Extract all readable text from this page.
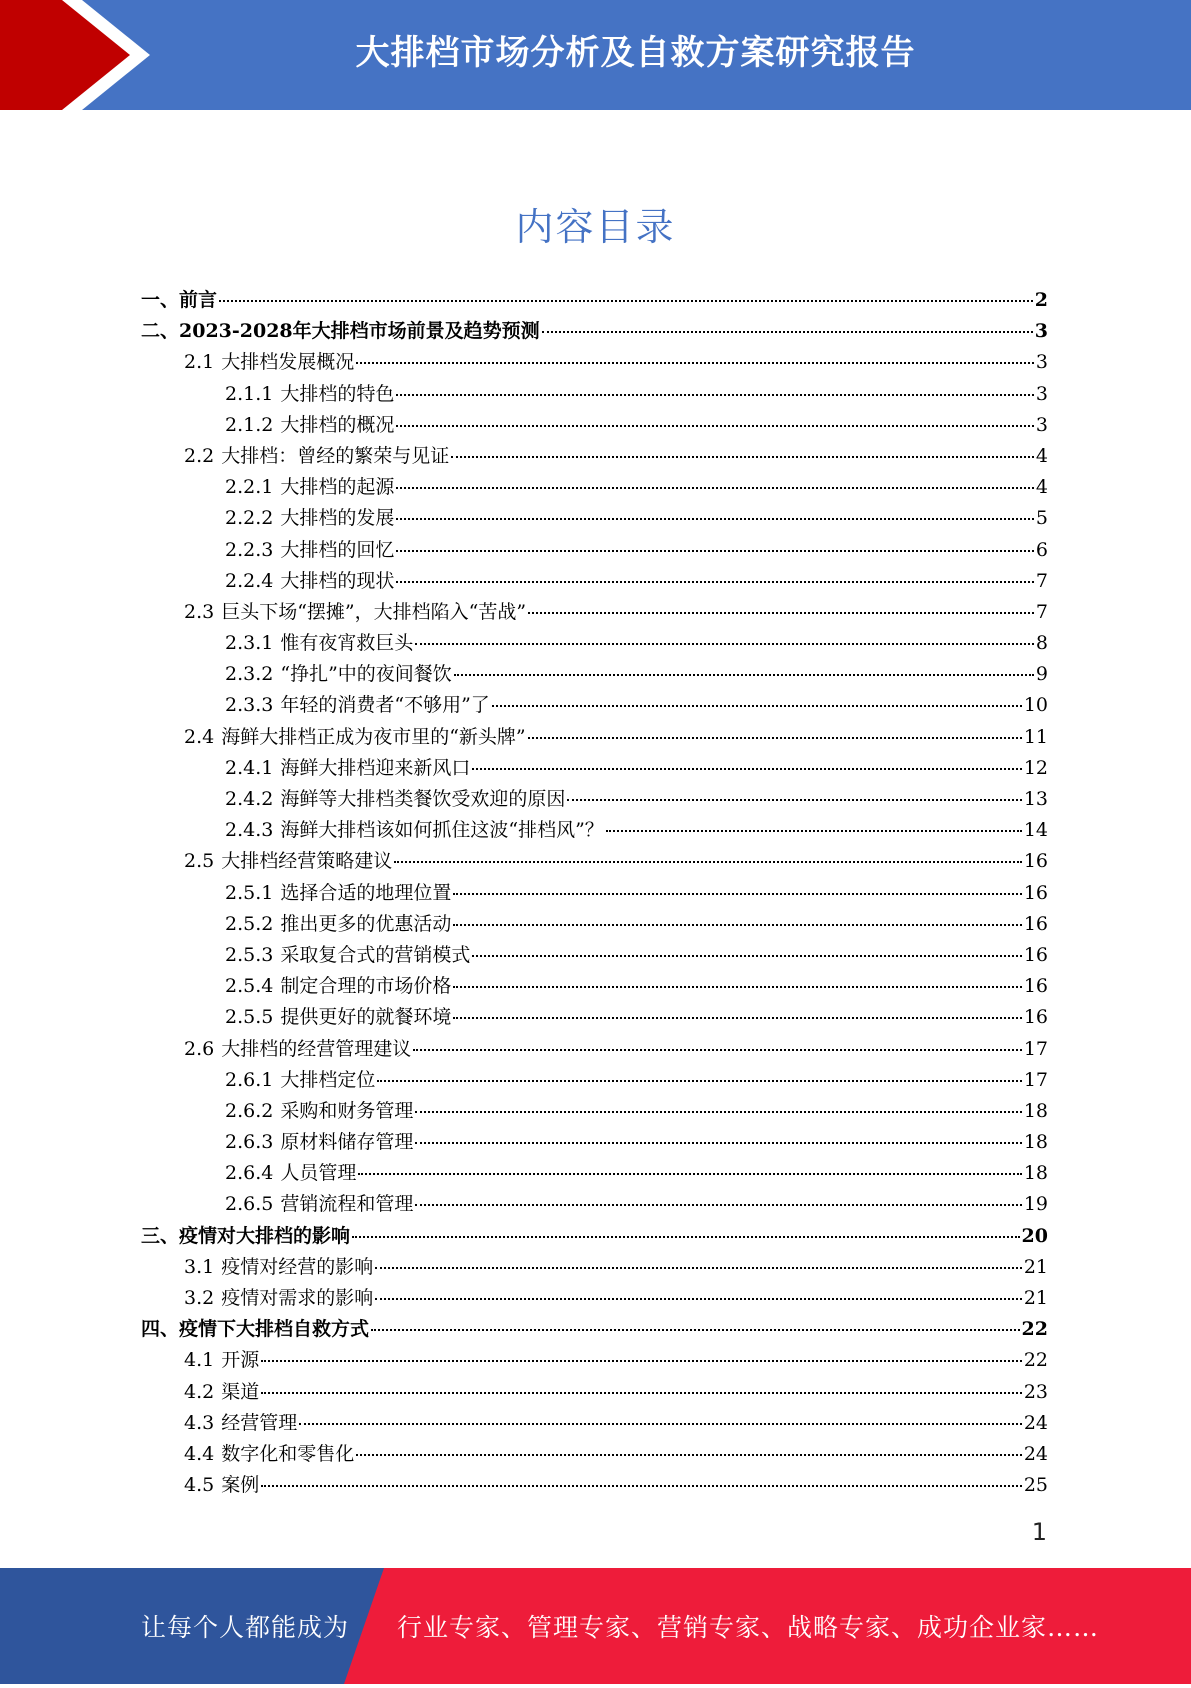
大排档市场分析及自救方案研究报告
内容目录
一、前言	2
二、2023-2028年大排档市场前景及趋势预测	3
2.1 大排档发展概况	3
2.1.1 大排档的特色	3
2.1.2 大排档的概况	3
2.2 大排档：曾经的繁荣与见证	4
2.2.1 大排档的起源	4
2.2.2 大排档的发展	5
2.2.3 大排档的回忆	6
2.2.4 大排档的现状	7
2.3 巨头下场“摆摊”，大排档陷入“苦战”	7
2.3.1 惟有夜宵救巨头	8
2.3.2 “挣扎”中的夜间餐饮	9
2.3.3 年轻的消费者“不够用”了	10
2.4 海鲜大排档正成为夜市里的“新头牌”	11
2.4.1 海鲜大排档迎来新风口	12
2.4.2 海鲜等大排档类餐饮受欢迎的原因	13
2.4.3 海鲜大排档该如何抓住这波“排档风”？	14
2.5 大排档经营策略建议	16
2.5.1 选择合适的地理位置	16
2.5.2 推出更多的优惠活动	16
2.5.3 采取复合式的营销模式	16
2.5.4 制定合理的市场价格	16
2.5.5 提供更好的就餐环境	16
2.6 大排档的经营管理建议	17
2.6.1 大排档定位	17
2.6.2 采购和财务管理	18
2.6.3 原材料储存管理	18
2.6.4 人员管理	18
2.6.5 营销流程和管理	19
三、疫情对大排档的影响	20
3.1 疫情对经营的影响	21
3.2 疫情对需求的影响	21
四、疫情下大排档自救方式	22
4.1 开源	22
4.2 渠道	23
4.3 经营管理	24
4.4 数字化和零售化	24
4.5 案例	25
1
让每个人都能成为 行业专家、管理专家、营销专家、战略专家、成功企业家……
